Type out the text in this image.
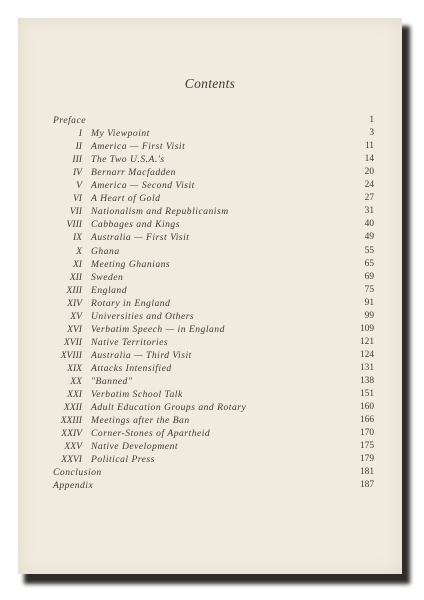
Contents
Preface	1
I My Viewpoint	3
II America — First Visit	11
III The Two U.S.A.'s	14
IV Bernarr Macfadden	20
V America — Second Visit	24
VI A Heart of Gold	27
VII Nationalism and Republicanism	31
VIII Cabbages and Kings	40
IX Australia — First Visit	49
X Ghana	55
XI Meeting Ghanians	65
XII Sweden	69
XIII England	75
XIV Rotary in England	91
XV Universities and Others	99
XVI Verbatim Speech — in England	109
XVII Native Territories	121
XVIII Australia — Third Visit	124
XIX Attacks Intensified	131
XX "Banned"	138
XXI Verbatim School Talk	151
XXII Adult Education Groups and Rotary	160
XXIII Meetings after the Ban	166
XXIV Corner-Stones of Apartheid	170
XXV Native Development	175
XXVI Political Press	179
Conclusion	181
Appendix	187
